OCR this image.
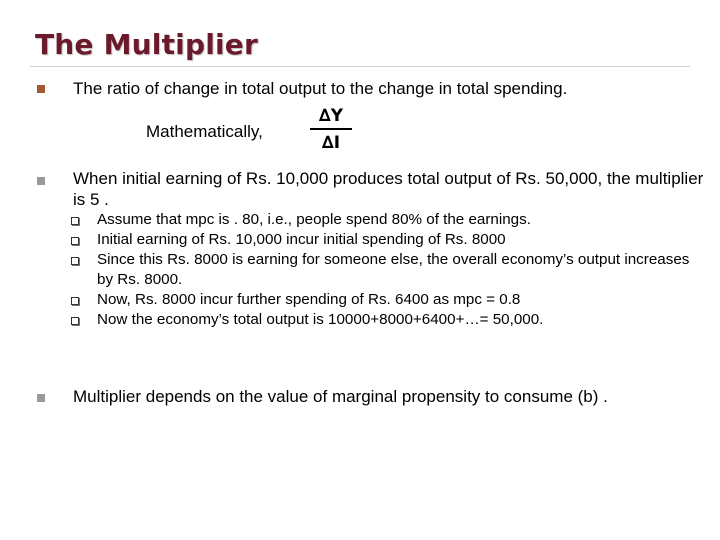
The Multiplier
The ratio of change in total output to the change in total spending.
Mathematically,
∆Y
∆I
When initial earning of Rs. 10,000 produces total output of Rs. 50,000, the multiplier is 5 .
Assume that mpc is . 80, i.e., people spend 80% of the earnings.
Initial earning of Rs. 10,000 incur initial spending of Rs. 8000
Since this Rs. 8000 is earning for someone else, the overall economy’s output increases by Rs. 8000.
Now, Rs. 8000 incur further spending of Rs. 6400 as mpc = 0.8
Now the economy’s total output is 10000+8000+6400+…= 50,000.
Multiplier depends on the value of marginal propensity to consume (b) .
